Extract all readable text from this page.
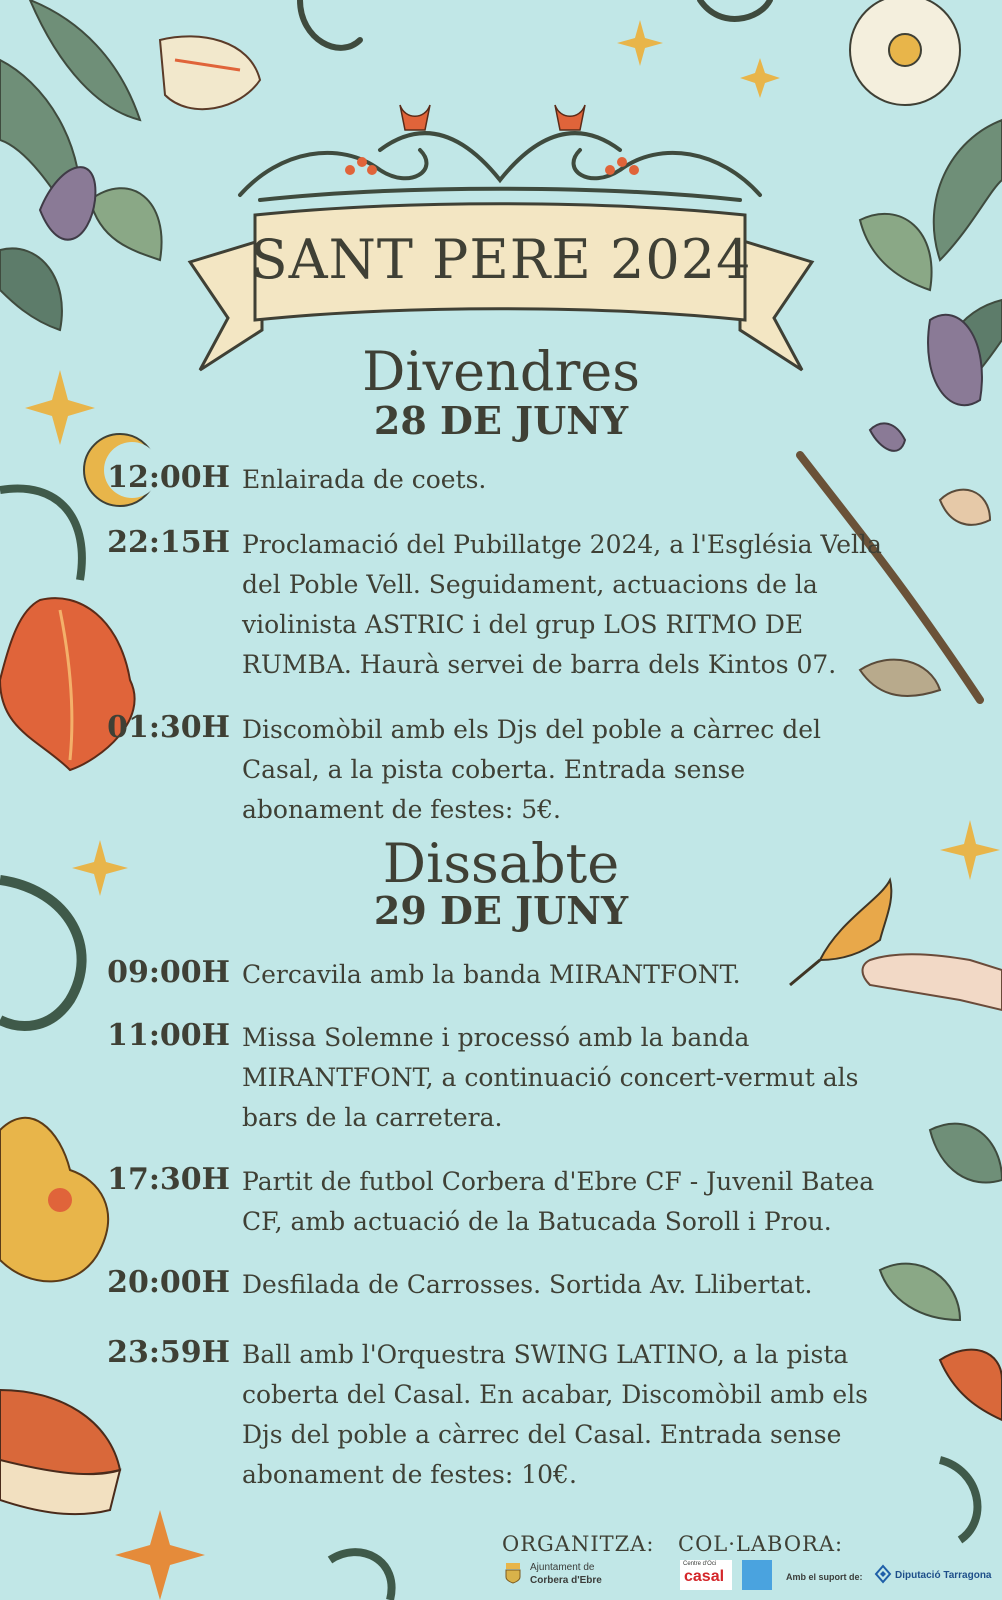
SANT PERE 2024
Divendres
28 DE JUNY
12:00H Enlairada de coets.
22:15H Proclamació del Pubillatge 2024, a l'Església Vella del Poble Vell. Seguidament, actuacions de la violinista ASTRIC i del grup LOS RITMO DE RUMBA. Haurà servei de barra dels Kintos 07.
01:30H Discomòbil amb els Djs del poble a càrrec del Casal, a la pista coberta. Entrada sense abonament de festes: 5€.
Dissabte
29 DE JUNY
09:00H Cercavila amb la banda MIRANTFONT.
11:00H Missa Solemne i processó amb la banda MIRANTFONT, a continuació concert-vermut als bars de la carretera.
17:30H Partit de futbol Corbera d'Ebre CF - Juvenil Batea CF, amb actuació de la Batucada Soroll i Prou.
20:00H Desfilada de Carrosses. Sortida Av. Llibertat.
23:59H Ball amb l'Orquestra SWING LATINO, a la pista coberta del Casal. En acabar, Discomòbil amb els Djs del poble a càrrec del Casal. Entrada sense abonament de festes: 10€.
ORGANITZA:
Ajuntament de
Corbera d'Ebre
COL·LABORA:
Centre d'Oci
casal	Amb el suport de:	Diputació Tarragona
